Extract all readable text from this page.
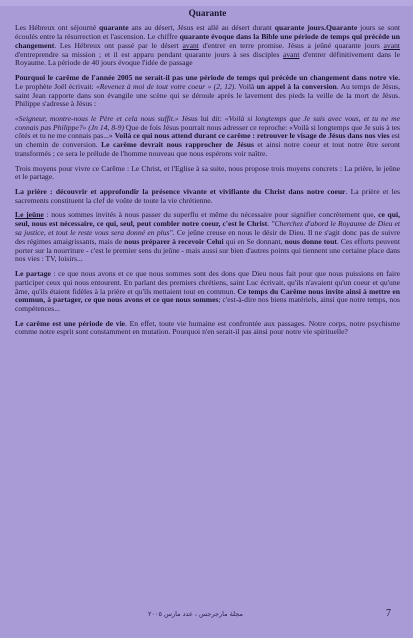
Quarante

Les Hébreux ont séjourné quarante ans au désert, Jésus est allé au désert durant quarante jours.Quarante jours se sont écoulés entre la résurrection et l'ascension. Le chiffre quarante évoque dans la Bible une période de temps qui précède un changement. Les Hébreux ont passé par le désert avant d'entrer en terre promise. Jésus a jeûné quarante jours avant d'entreprendre sa mission ; et il est apparu pendant quarante jours à ses disciples avant d'entrer définitivement dans le Royaume. La période de 40 jours évoque l'idée de passage

Pourquoi le carême de l'année 2005 ne serait-il pas une période de temps qui précède un changement dans notre vie. Le prophète Joël écrivait: «Revenez à moi de tout votre coeur » (2, 12). Voilà un appel à la conversion. Au temps de Jésus, saint Jean rapporte dans son évangile une scène qui se déroule après le lavement des pieds la veille de la mort de Jésus. Philippe s'adresse à Jésus :

«Seigneur, montre-nous le Père et cela nous suffit.» Jésus lui dit: «Voilà si longtemps que Je suis avec vous, et tu ne me connais pas Philippe?» (Jn 14, 8-9) Que de fois Jésus pourrait nous adresser ce reproche: «Voilà si longtemps que Je suis à tes côtés et tu ne me connais pas...» Voilà ce qui nous attend durant ce carême : retrouver le visage de Jésus dans nos vies est un chemin de conversion. Le carême devrait nous rapprocher de Jésus et ainsi notre coeur et tout notre être seront transformés ; ce sera le prélude de l'homme nouveau que nous espérons voir naître.

Trois moyens pour vivre ce Carême : Le Christ, et l'Eglise à sa suite, nous propose trois moyens concrets : La prière, le jeûne et le partage.

La prière : découvrir et approfondir la présence vivante et vivifiante du Christ dans notre coeur. La prière et les sacrements constituent la clef de voûte de toute la vie chrétienne.

Le jeûne : nous sommes invités à nous passer du superflu et même du nécessaire pour signifier concrètement que, ce qui, seul, nous est nécessaire, ce qui, seul, peut combler notre coeur, c'est le Christ. "Cherchez d'abord le Royaume de Dieu et sa justice, et tout le reste vous sera donné en plus". Ce jeûne creuse en nous le désir de Dieu. Il ne s'agit donc pas de suivre des régimes amaigrissants, mais de nous préparer à recevoir Celui qui en Se donnant, nous donne tout. Ces efforts peuvent porter sur la nourriture - c'est le premier sens du jeûne - mais aussi sur bien d'autres points qui tiennent une certaine place dans nos vies : TV, loisirs...

Le partage : ce que nous avons et ce que nous sommes sont des dons que Dieu nous fait pour que nous puissions en faire participer ceux qui nous entourent. En parlant des premiers chrétiens, saint Luc écrivait, qu'ils n'avaient qu'un coeur et qu'une âme, qu'ils étaient fidèles à la prière et qu'ils mettaient tout en commun. Ce temps du Carême nous invite ainsi à mettre en commun, à partager, ce que nous avons et ce que nous sommes; c'est-à-dire nos biens matériels, ainsi que notre temps, nos compétences...

Le carême est une période de vie. En effet, toute vie humaine est confrontée aux passages. Notre corps, notre psychisme comme notre esprit sont constamment en mutation. Pourquoi n'en serait-il pas ainsi pour notre vie spirituelle?

مجلة مارجرجس ، عدد مارس ٢٠٠٥	7
